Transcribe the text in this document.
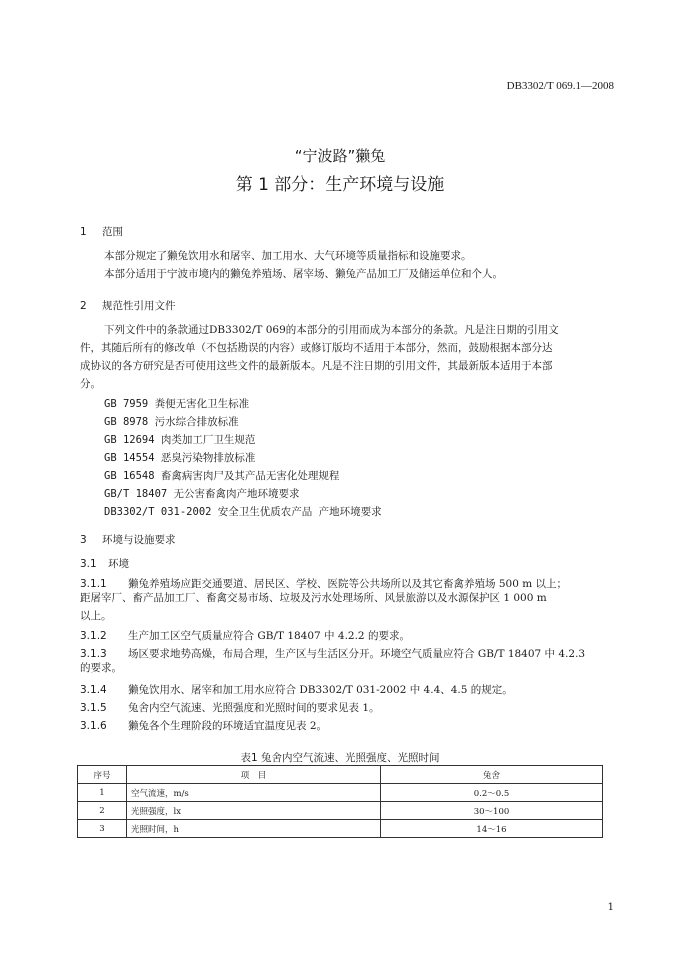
DB3302/T 069.1—2008
“宁波路”獭兔
第 1 部分：生产环境与设施
1 范围
本部分规定了獭兔饮用水和屠宰、加工用水、大气环境等质量指标和设施要求。
本部分适用于宁波市境内的獭兔养殖场、屠宰场、獭兔产品加工厂及储运单位和个人。
2 规范性引用文件
下列文件中的条款通过DB3302/T 069的本部分的引用而成为本部分的条款。凡是注日期的引用文
件，其随后所有的修改单（不包括勘误的内容）或修订版均不适用于本部分，然而，鼓励根据本部分达
成协议的各方研究是否可使用这些文件的最新版本。凡是不注日期的引用文件，其最新版本适用于本部
分。
GB 7959 粪便无害化卫生标准
GB 8978 污水综合排放标准
GB 12694 肉类加工厂卫生规范
GB 14554 恶臭污染物排放标准
GB 16548 畜禽病害肉尸及其产品无害化处理规程
GB/T 18407 无公害畜禽肉产地环境要求
DB3302/T 031-2002 安全卫生优质农产品 产地环境要求
3 环境与设施要求
3.1 环境
3.1.1 獭兔养殖场应距交通要道、居民区、学校、医院等公共场所以及其它畜禽养殖场 500 m 以上；
距屠宰厂、畜产品加工厂、畜禽交易市场、垃圾及污水处理场所、风景旅游以及水源保护区 1 000 m
以上。
3.1.2 生产加工区空气质量应符合 GB/T 18407 中 4.2.2 的要求。
3.1.3 场区要求地势高燥，布局合理，生产区与生活区分开。环境空气质量应符合 GB/T 18407 中 4.2.3
的要求。
3.1.4 獭兔饮用水、屠宰和加工用水应符合 DB3302/T 031-2002 中 4.4、4.5 的规定。
3.1.5 兔舍内空气流速、光照强度和光照时间的要求见表 1。
3.1.6 獭兔各个生理阶段的环境适宜温度见表 2。
表1 兔舍内空气流速、光照强度、光照时间
序号	项　目	兔舍
1	空气流速，m/s	0.2～0.5
2	光照强度，lx	30～100
3	光照时间，h	14～16
1
